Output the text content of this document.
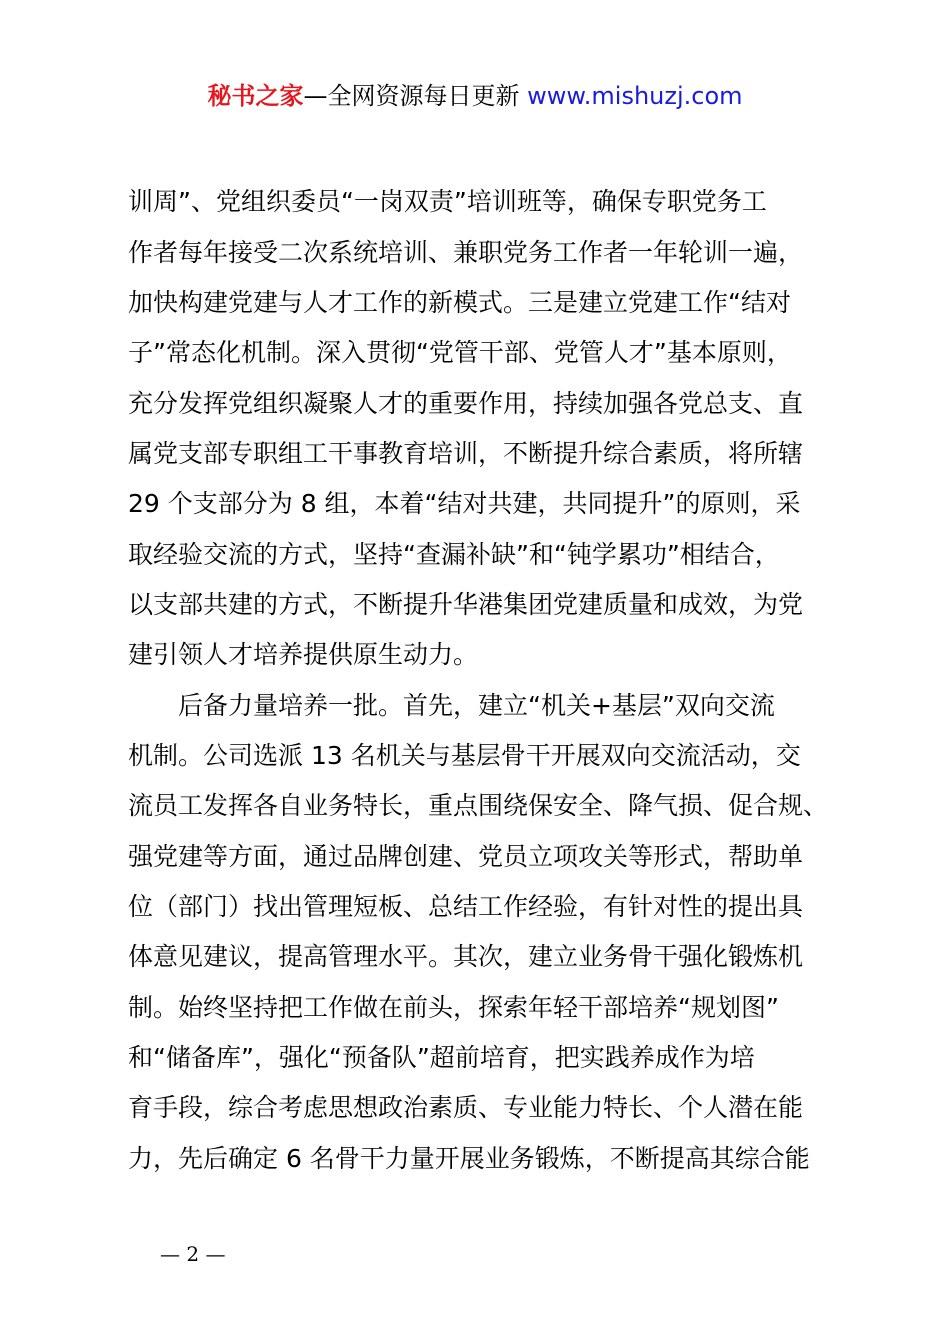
秘书之家—全网资源每日更新 www.mishuzj.com
训周”、党组织委员“一岗双责”培训班等，确保专职党务工
作者每年接受二次系统培训、兼职党务工作者一年轮训一遍，
加快构建党建与人才工作的新模式。三是建立党建工作“结对
子”常态化机制。深入贯彻“党管干部、党管人才”基本原则，
充分发挥党组织凝聚人才的重要作用，持续加强各党总支、直
属党支部专职组工干事教育培训，不断提升综合素质，将所辖
29 个支部分为 8 组，本着“结对共建，共同提升”的原则，采
取经验交流的方式，坚持“查漏补缺”和“钝学累功”相结合，
以支部共建的方式，不断提升华港集团党建质量和成效，为党
建引领人才培养提供原生动力。
后备力量培养一批。首先，建立“机关+基层”双向交流
机制。公司选派 13 名机关与基层骨干开展双向交流活动，交
流员工发挥各自业务特长，重点围绕保安全、降气损、促合规、
强党建等方面，通过品牌创建、党员立项攻关等形式，帮助单
位（部门）找出管理短板、总结工作经验，有针对性的提出具
体意见建议，提高管理水平。其次，建立业务骨干强化锻炼机
制。始终坚持把工作做在前头，探索年轻干部培养“规划图”
和“储备库”，强化“预备队”超前培育，把实践养成作为培
育手段，综合考虑思想政治素质、专业能力特长、个人潜在能
力，先后确定 6 名骨干力量开展业务锻炼，不断提高其综合能
— 2 —
